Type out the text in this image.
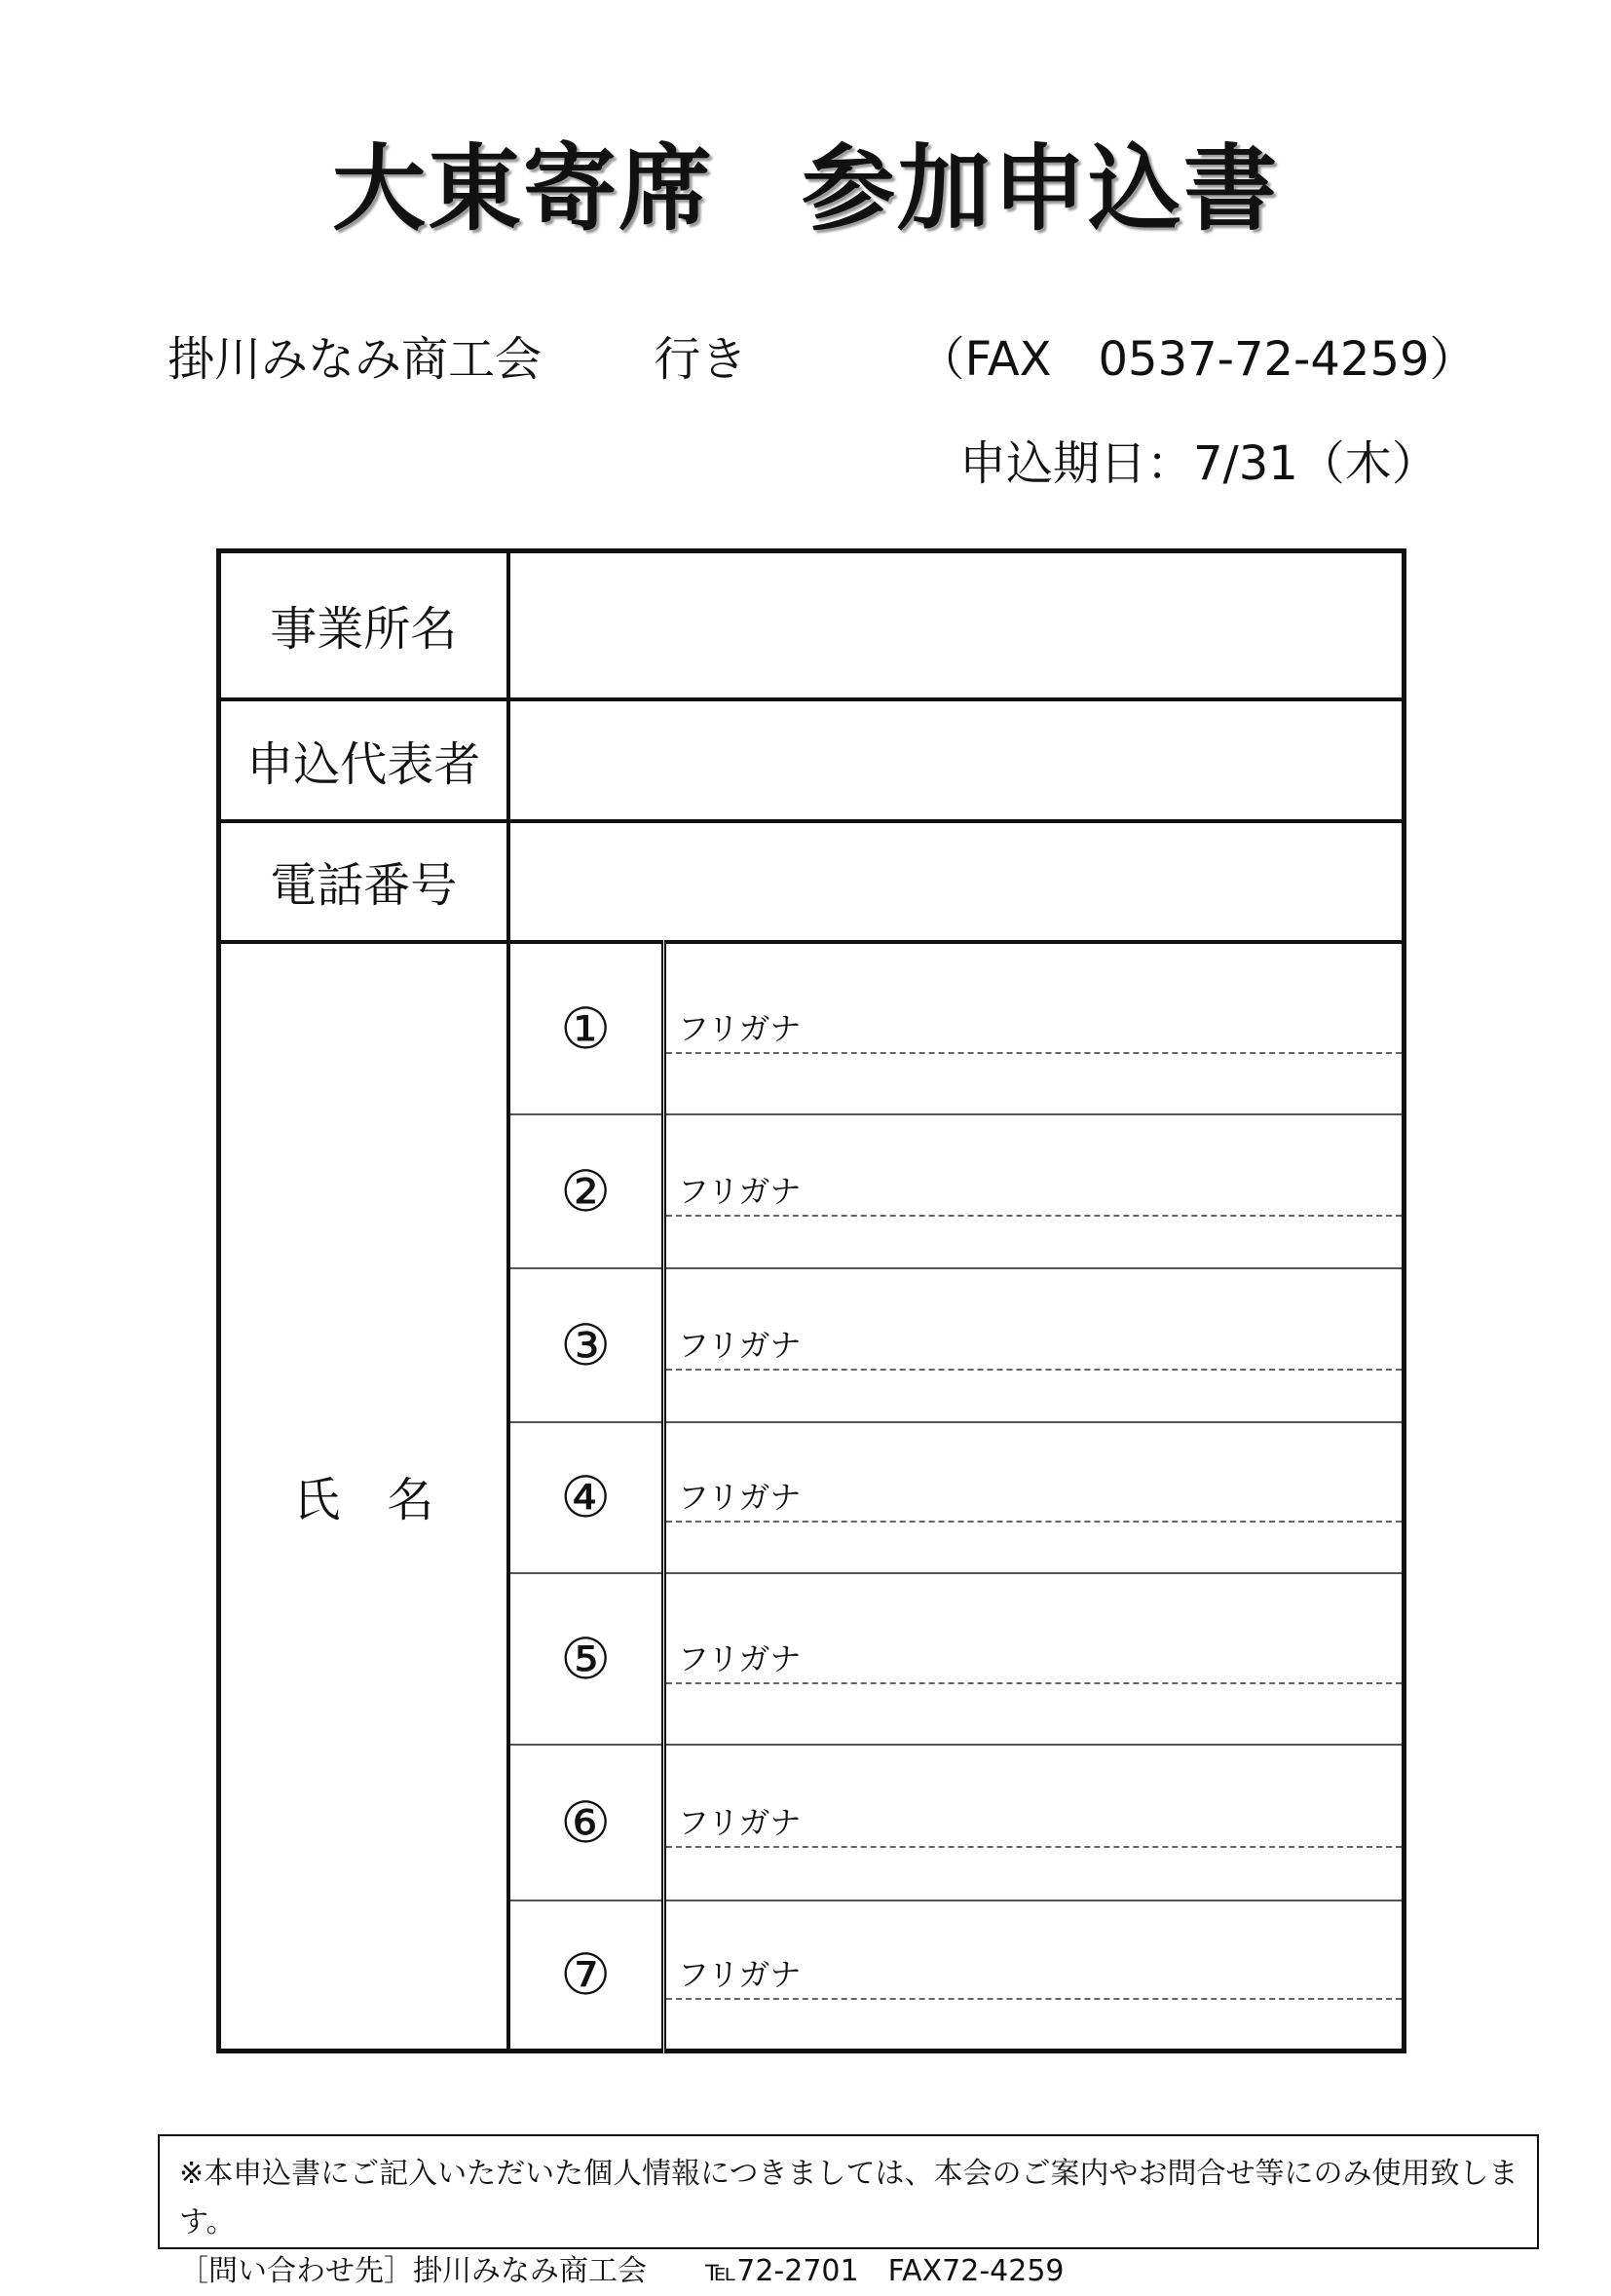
大東寄席 参加申込書
掛川みなみ商工会 行き	（FAX　0537-72-4259）
申込期日：7/31（木）
事業所名		
申込代表者		
電話番号		
氏　名	①	フリガナ

	②	フリガナ

	③	フリガナ

	④	フリガナ

	⑤	フリガナ

	⑥	フリガナ

	⑦	フリガナ
※本申込書にご記入いただいた個人情報につきましては、本会のご案内やお問合せ等にのみ使用致します。
［問い合わせ先］掛川みなみ商工会 ℡72-2701 FAX72-4259
